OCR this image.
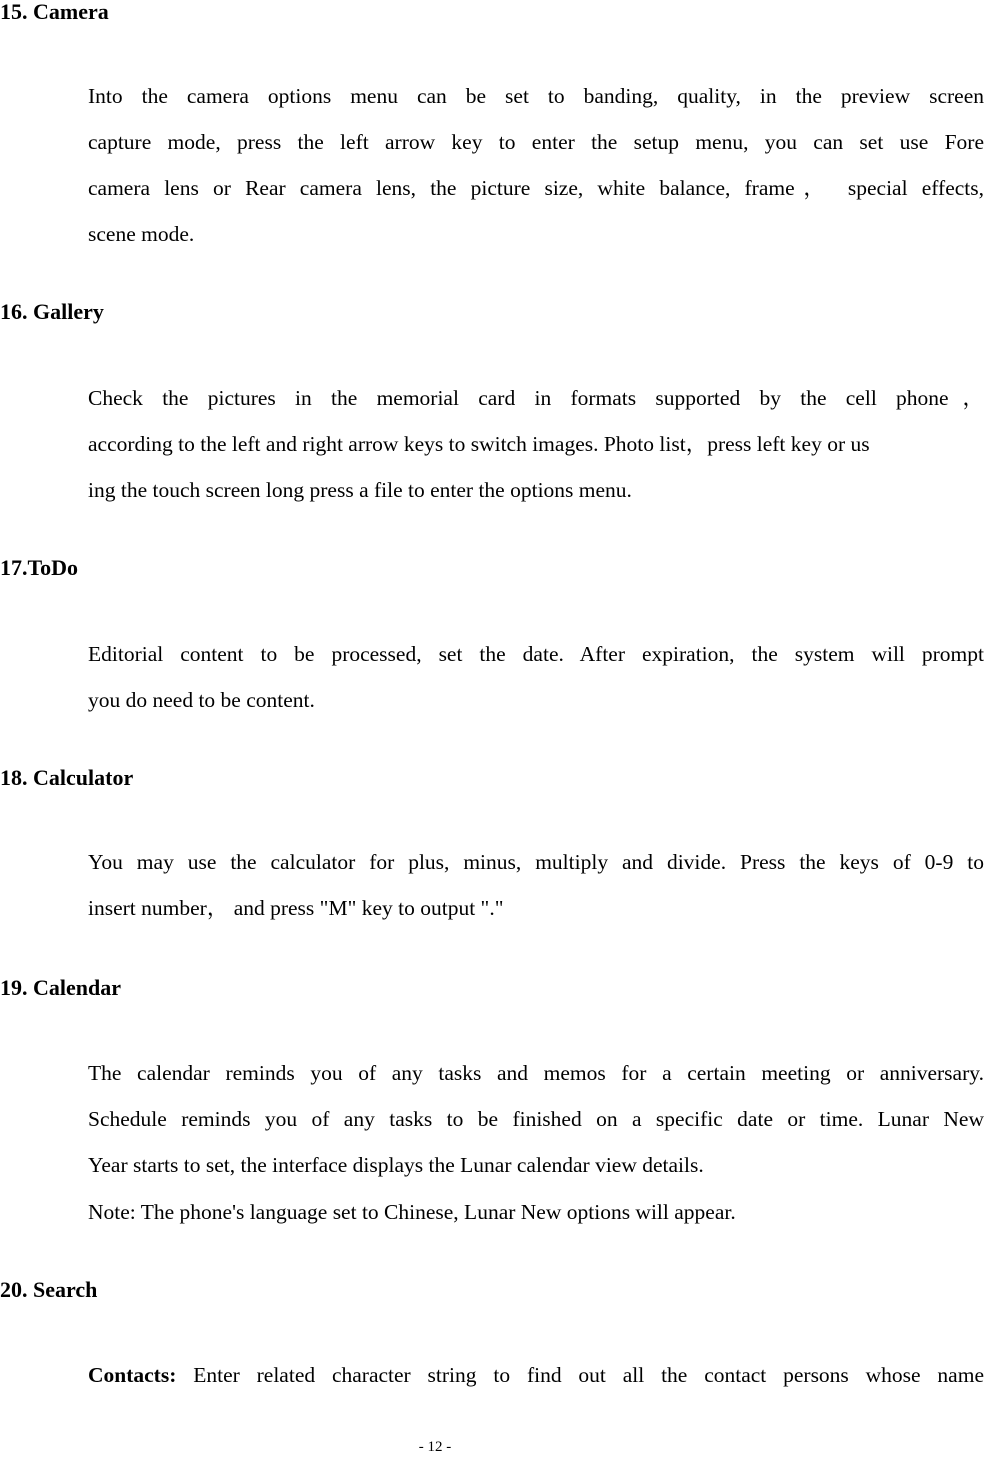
15. Camera
Into the camera options menu can be set to banding, quality, in the preview screen
capture mode, press the left arrow key to enter the setup menu, you can set use Fore
camera lens or Rear camera lens, the picture size, white balance, frame， special effects,
scene mode.
16. Gallery
Check the pictures in the memorial card in formats supported by the cell phone，
according to the left and right arrow keys to switch images. Photo list，press left key or us
ing the touch screen long press a file to enter the options menu.
17.ToDo
Editorial content to be processed, set the date. After expiration, the system will prompt
you do need to be content.
18. Calculator
You may use the calculator for plus, minus, multiply and divide. Press the keys of 0-9 to
insert number， and press "M" key to output "."
19. Calendar
The calendar reminds you of any tasks and memos for a certain meeting or anniversary.
Schedule reminds you of any tasks to be finished on a specific date or time. Lunar New
Year starts to set, the interface displays the Lunar calendar view details.
Note: The phone's language set to Chinese, Lunar New options will appear.
20. Search
Contacts: Enter related character string to find out all the contact persons whose name
- 12 -
